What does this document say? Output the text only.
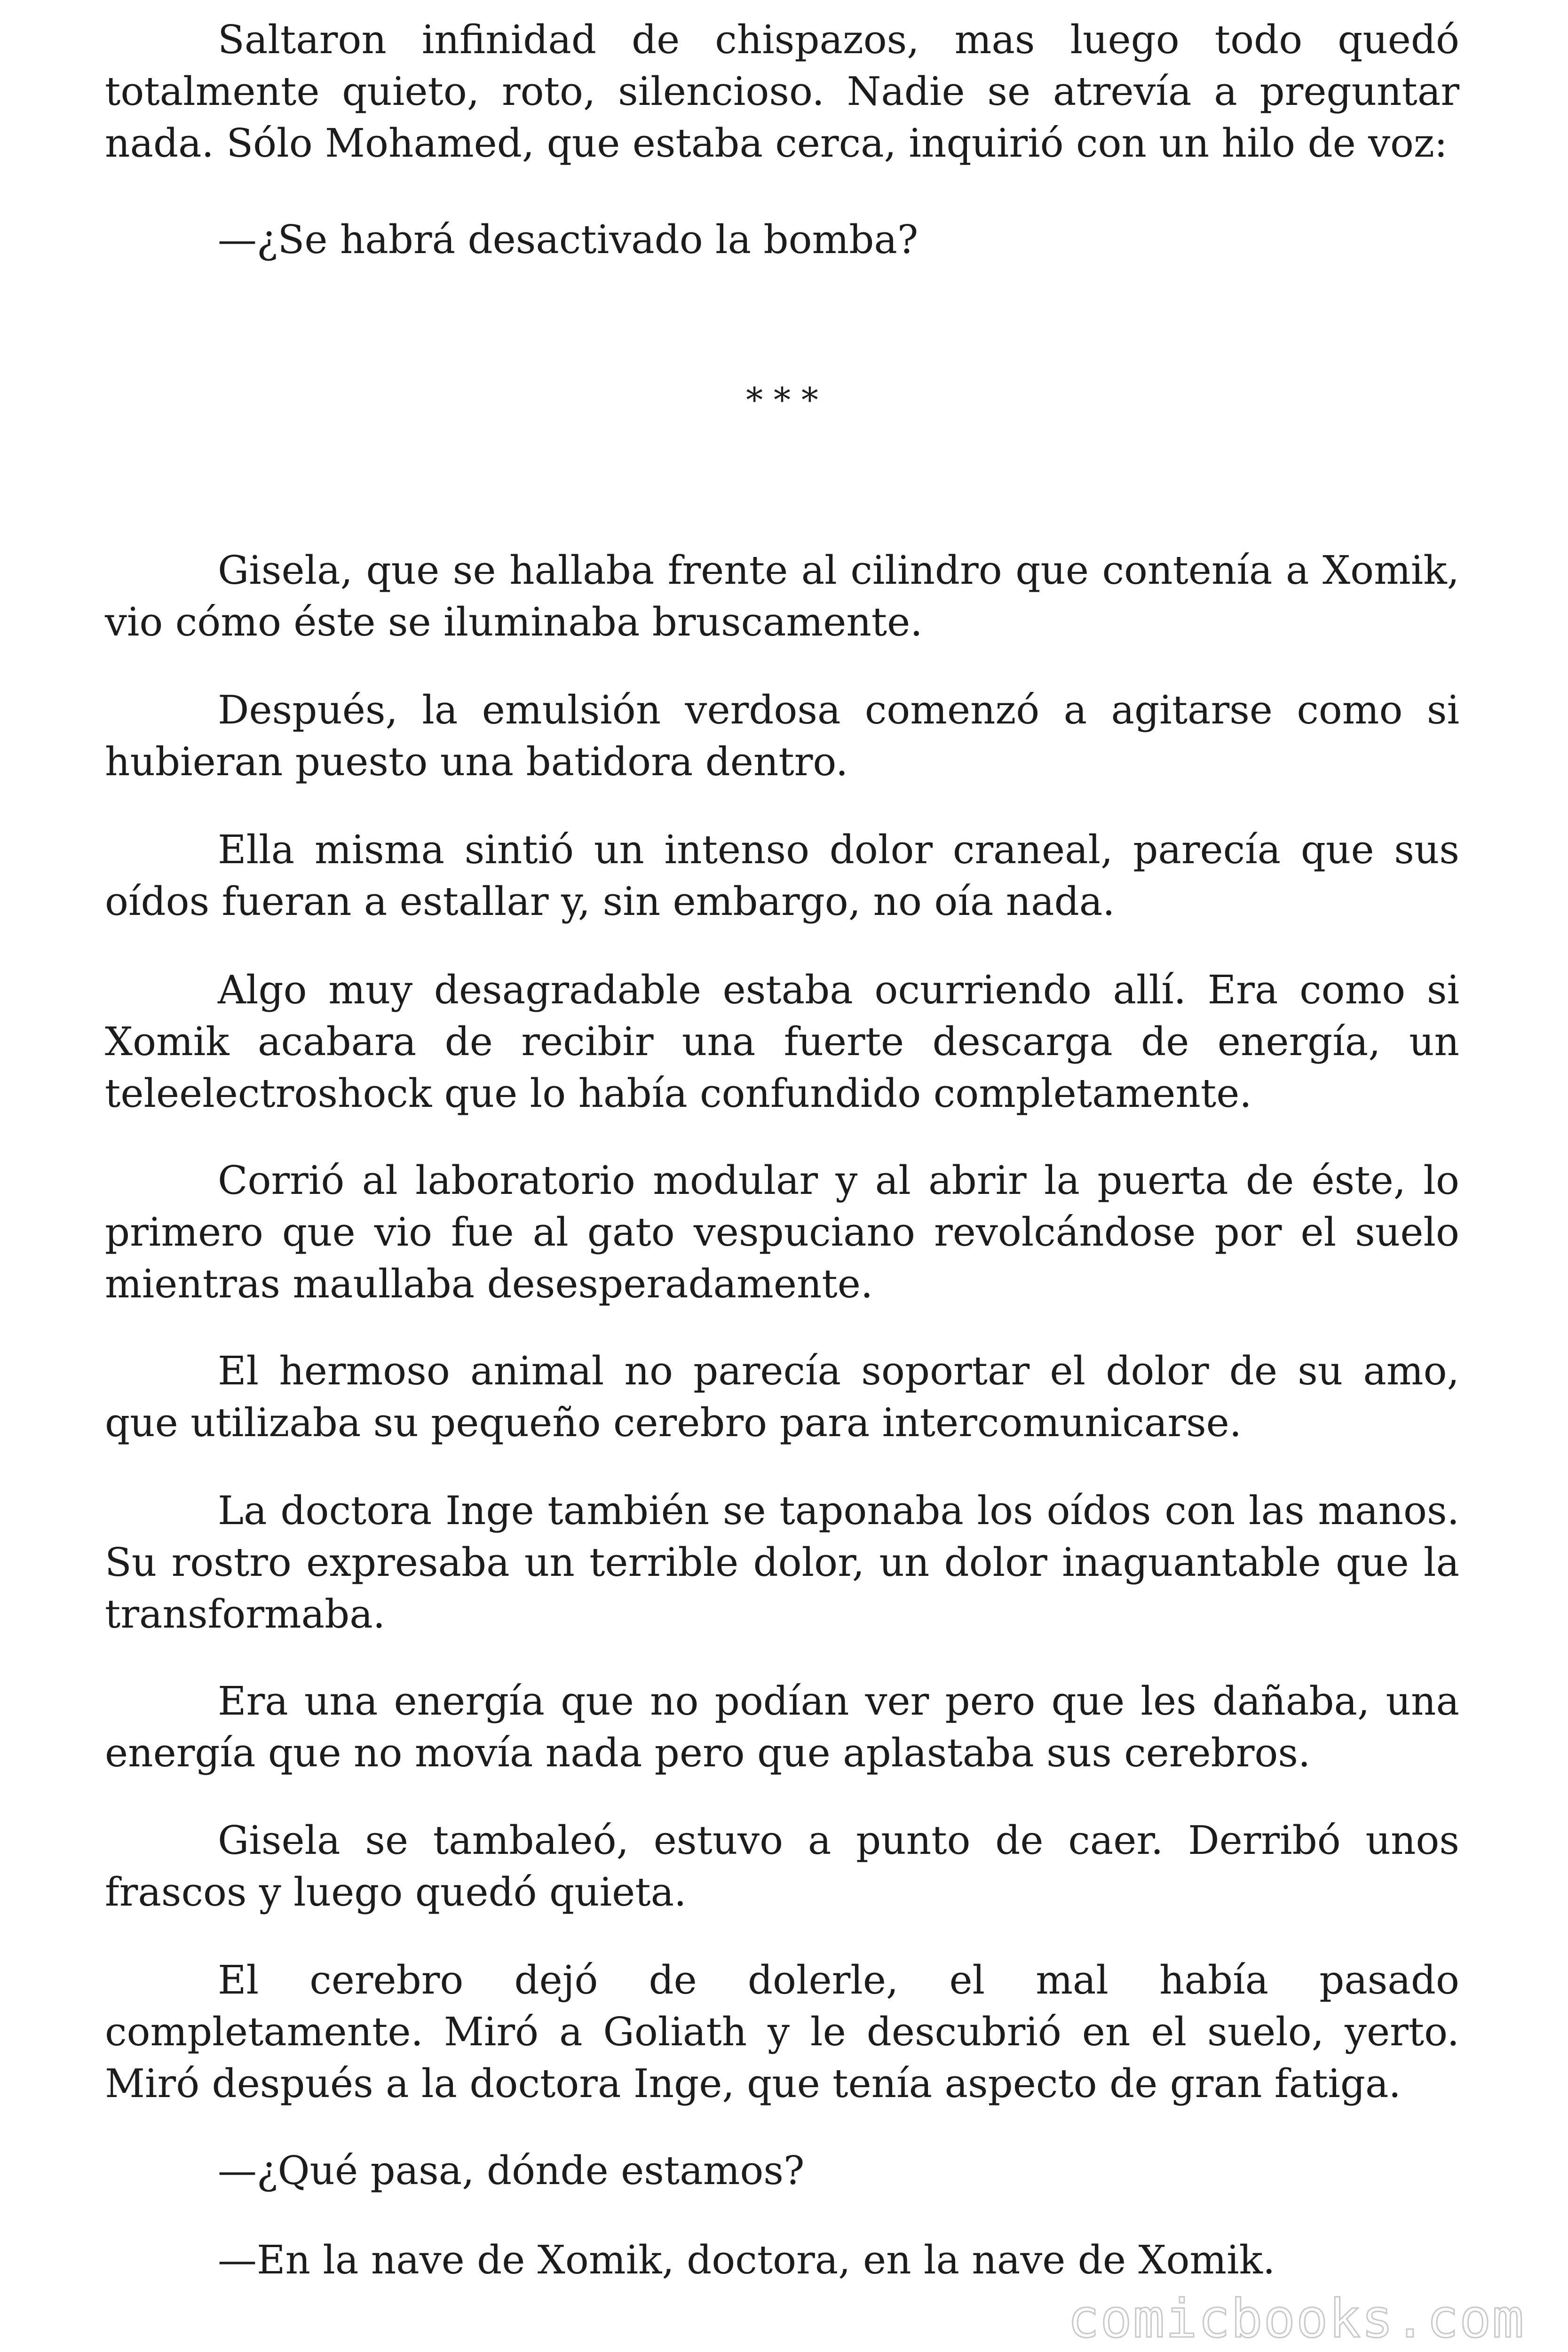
Saltaron infinidad de chispazos, mas luego todo quedó totalmente quieto, roto, silencioso. Nadie se atrevía a preguntar nada. Sólo Mohamed, que estaba cerca, inquirió con un hilo de voz:

—¿Se habrá desactivado la bomba?

* * *

Gisela, que se hallaba frente al cilindro que contenía a Xomik, vio cómo éste se iluminaba bruscamente.

Después, la emulsión verdosa comenzó a agitarse como si hubieran puesto una batidora dentro.

Ella misma sintió un intenso dolor craneal, parecía que sus oídos fueran a estallar y, sin embargo, no oía nada.

Algo muy desagradable estaba ocurriendo allí. Era como si Xomik acabara de recibir una fuerte descarga de energía, un teleelectroshock que lo había confundido completamente.

Corrió al laboratorio modular y al abrir la puerta de éste, lo primero que vio fue al gato vespuciano revolcándose por el suelo mientras maullaba desesperadamente.

El hermoso animal no parecía soportar el dolor de su amo, que utilizaba su pequeño cerebro para intercomunicarse.

La doctora Inge también se taponaba los oídos con las manos. Su rostro expresaba un terrible dolor, un dolor inaguantable que la transformaba.

Era una energía que no podían ver pero que les dañaba, una energía que no movía nada pero que aplastaba sus cerebros.

Gisela se tambaleó, estuvo a punto de caer. Derribó unos frascos y luego quedó quieta.

El cerebro dejó de dolerle, el mal había pasado completamente. Miró a Goliath y le descubrió en el suelo, yerto. Miró después a la doctora Inge, que tenía aspecto de gran fatiga.

—¿Qué pasa, dónde estamos?

—En la nave de Xomik, doctora, en la nave de Xomik.

comicbooks.com
